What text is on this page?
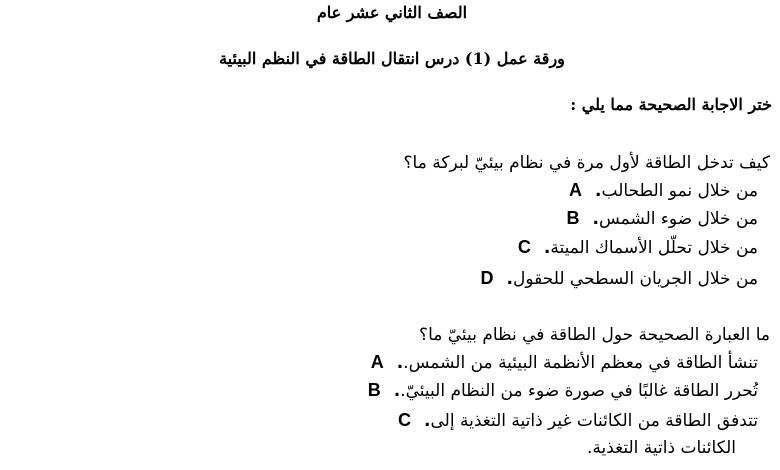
الصف الثاني عشر عام
ورقة عمل (1) درس انتقال الطاقة في النظم البيئية
ختر الاجابة الصحيحة مما يلي :
كيف تدخل الطاقة لأول مرة في نظام بيئيّ لبركة ما؟
من خلال نمو الطحالب
.
A
من خلال ضوء الشمس
.
B
من خلال تحلّل الأسماك الميتة
.
C
من خلال الجريان السطحي للحقول
.
D
ما العبارة الصحيحة حول الطاقة في نظام بيئيّ ما؟
تنشأ الطاقة في معظم الأنظمة البيئية من الشمس.
.
A
تُحرر الطاقة غالبًا في صورة ضوء من النظام البيئيّ.
.
B
تتدفق الطاقة من الكائنات غير ذاتية التغذية إلى
.
C
الكائنات ذاتية التغذية.
